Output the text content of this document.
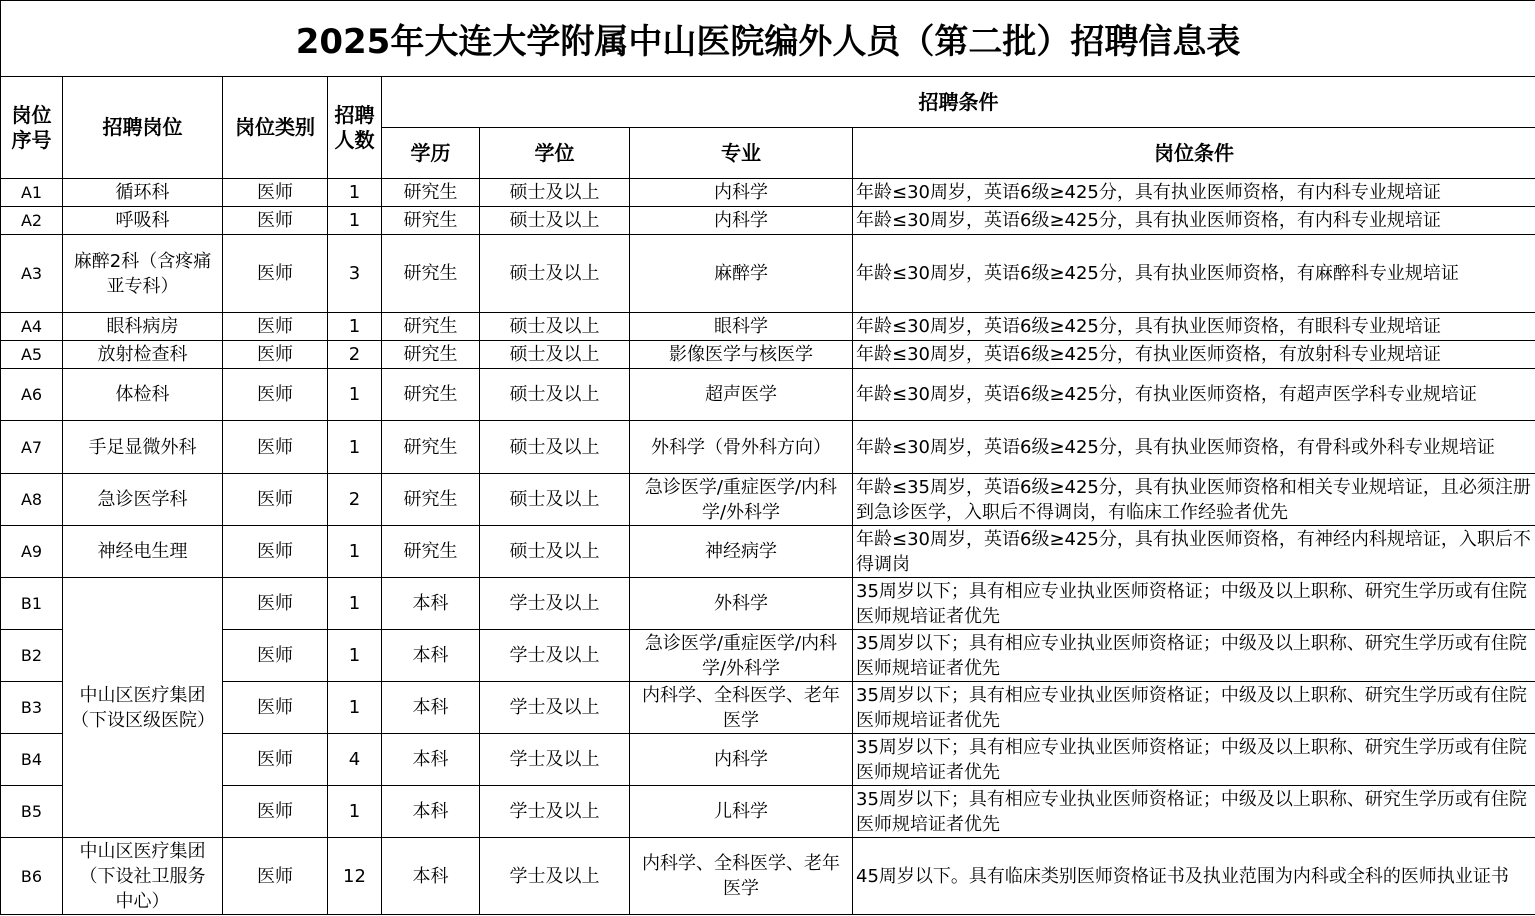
2025年大连大学附属中山医院编外人员（第二批）招聘信息表							
岗位序号	招聘岗位	岗位类别	招聘人数	招聘条件			
				学历	学位	专业	岗位条件
A1	循环科	医师	1	研究生	硕士及以上	内科学	年龄≤30周岁，英语6级≥425分，具有执业医师资格，有内科专业规培证
A2	呼吸科	医师	1	研究生	硕士及以上	内科学	年龄≤30周岁，英语6级≥425分，具有执业医师资格，有内科专业规培证
A3	麻醉2科（含疼痛亚专科）	医师	3	研究生	硕士及以上	麻醉学	年龄≤30周岁，英语6级≥425分，具有执业医师资格，有麻醉科专业规培证
A4	眼科病房	医师	1	研究生	硕士及以上	眼科学	年龄≤30周岁，英语6级≥425分，具有执业医师资格，有眼科专业规培证
A5	放射检查科	医师	2	研究生	硕士及以上	影像医学与核医学	年龄≤30周岁，英语6级≥425分，有执业医师资格，有放射科专业规培证
A6	体检科	医师	1	研究生	硕士及以上	超声医学	年龄≤30周岁，英语6级≥425分，有执业医师资格，有超声医学科专业规培证
A7	手足显微外科	医师	1	研究生	硕士及以上	外科学（骨外科方向）	年龄≤30周岁，英语6级≥425分，具有执业医师资格，有骨科或外科专业规培证
A8	急诊医学科	医师	2	研究生	硕士及以上	急诊医学/重症医学/内科学/外科学	年龄≤35周岁，英语6级≥425分，具有执业医师资格和相关专业规培证，且必须注册到急诊医学，入职后不得调岗，有临床工作经验者优先
A9	神经电生理	医师	1	研究生	硕士及以上	神经病学	年龄≤30周岁，英语6级≥425分，具有执业医师资格，有神经内科规培证，入职后不得调岗
B1	中山区医疗集团（下设区级医院）	医师	1	本科	学士及以上	外科学	35周岁以下；具有相应专业执业医师资格证；中级及以上职称、研究生学历或有住院医师规培证者优先
B2		医师	1	本科	学士及以上	急诊医学/重症医学/内科学/外科学	35周岁以下；具有相应专业执业医师资格证；中级及以上职称、研究生学历或有住院医师规培证者优先
B3		医师	1	本科	学士及以上	内科学、全科医学、老年医学	35周岁以下；具有相应专业执业医师资格证；中级及以上职称、研究生学历或有住院医师规培证者优先
B4		医师	4	本科	学士及以上	内科学	35周岁以下；具有相应专业执业医师资格证；中级及以上职称、研究生学历或有住院医师规培证者优先
B5		医师	1	本科	学士及以上	儿科学	35周岁以下；具有相应专业执业医师资格证；中级及以上职称、研究生学历或有住院医师规培证者优先
B6	中山区医疗集团（下设社卫服务中心）	医师	12	本科	学士及以上	内科学、全科医学、老年医学	45周岁以下。具有临床类别医师资格证书及执业范围为内科或全科的医师执业证书
